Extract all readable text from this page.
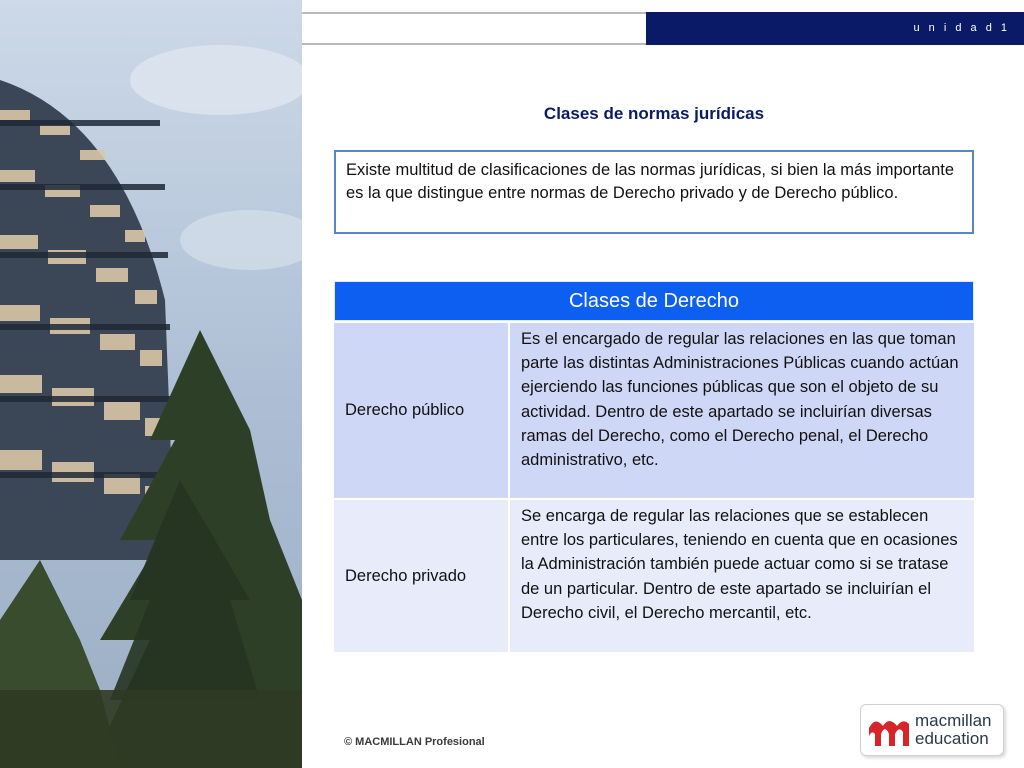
u n i d a d 1
Clases de normas jurídicas
Existe multitud de clasificaciones de las normas jurídicas, si bien la más importante es la que distingue entre normas de Derecho privado y de Derecho público.
Clases de Derecho
Derecho público
Es el encargado de regular las relaciones en las que toman parte las distintas Administraciones Públicas cuando actúan ejerciendo las funciones públicas que son el objeto de su actividad. Dentro de este apartado se incluirían diversas ramas del Derecho, como el Derecho penal, el Derecho administrativo, etc.
Derecho privado
Se encarga de regular las relaciones que se establecen entre los particulares, teniendo en cuenta que en ocasiones la Administración también puede actuar como si se tratase de un particular. Dentro de este apartado se incluirían el Derecho civil, el Derecho mercantil, etc.
© MACMILLAN Profesional
macmillan
education
